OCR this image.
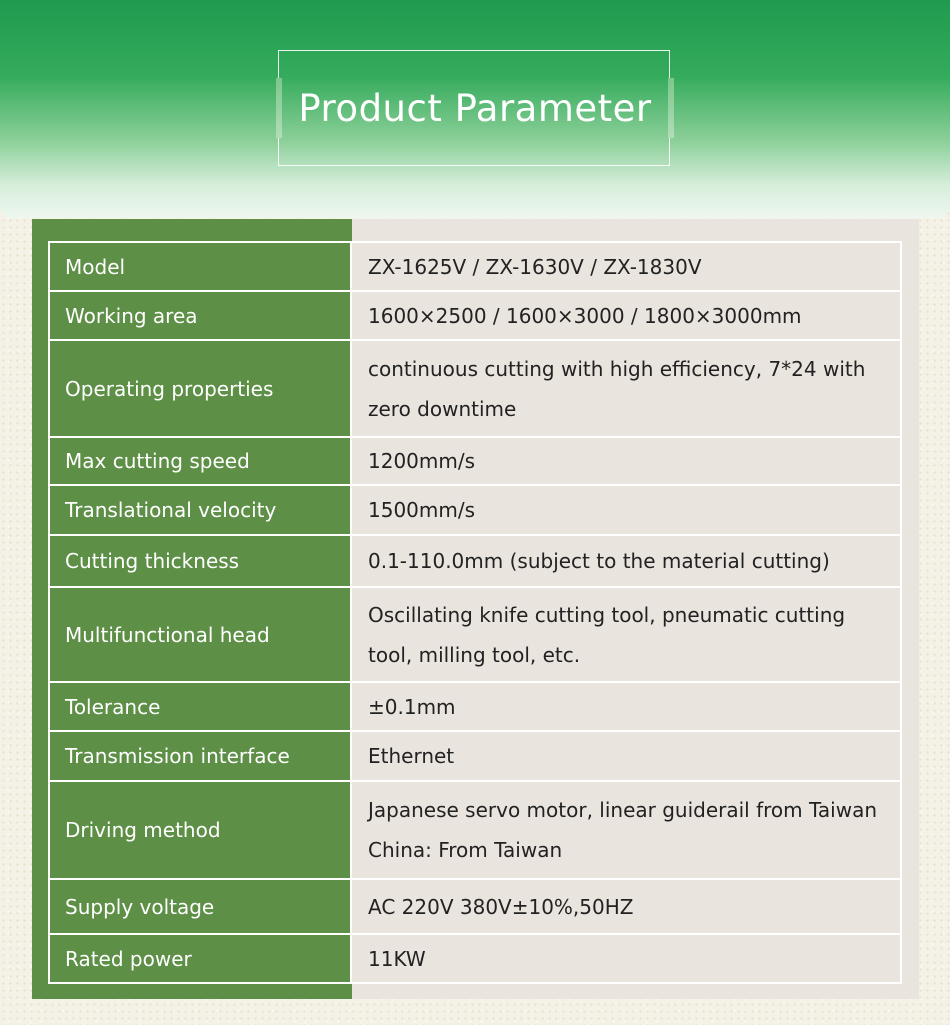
Product Parameter
Model	ZX-1625V / ZX-1630V / ZX-1830V
Working area	1600×2500 / 1600×3000 / 1800×3000mm
Operating properties	continuous cutting with high efficiency, 7*24 with zero downtime
Max cutting speed	1200mm/s
Translational velocity	1500mm/s
Cutting thickness	0.1-110.0mm (subject to the material cutting)
Multifunctional head	Oscillating knife cutting tool, pneumatic cutting tool, milling tool, etc.
Tolerance	±0.1mm
Transmission interface	Ethernet
Driving method	Japanese servo motor, linear guiderail from Taiwan China: From Taiwan
Supply voltage	AC 220V 380V±10%,50HZ
Rated power	11KW
